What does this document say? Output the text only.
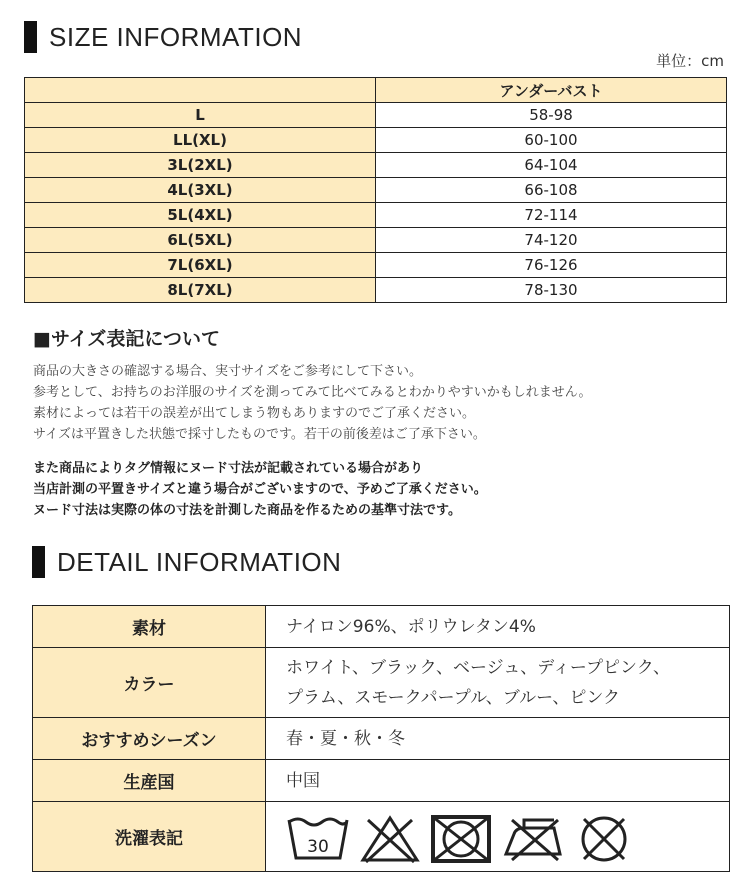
SIZE INFORMATION
単位：cm
	アンダーバスト
L	58-98
LL(XL)	60-100
3L(2XL)	64-104
4L(3XL)	66-108
5L(4XL)	72-114
6L(5XL)	74-120
7L(6XL)	76-126
8L(7XL)	78-130
■サイズ表記について
商品の大きさの確認する場合、実寸サイズをご参考にして下さい。
参考として、お持ちのお洋服のサイズを測ってみて比べてみるとわかりやすいかもしれません。
素材によっては若干の誤差が出てしまう物もありますのでご了承ください。
サイズは平置きした状態で採寸したものです。若干の前後差はご了承下さい。
また商品によりタグ情報にヌード寸法が記載されている場合があり
当店計測の平置きサイズと違う場合がございますので、予めご了承ください。
ヌード寸法は実際の体の寸法を計測した商品を作るための基準寸法です。
DETAIL INFORMATION
素材	ナイロン96%、ポリウレタン4%

カラー	ホワイト、ブラック、ベージュ、ディープピンク、
プラム、スモークパープル、ブルー、ピンク

おすすめシーズン	春・夏・秋・冬

生産国	中国

洗濯表記	30
